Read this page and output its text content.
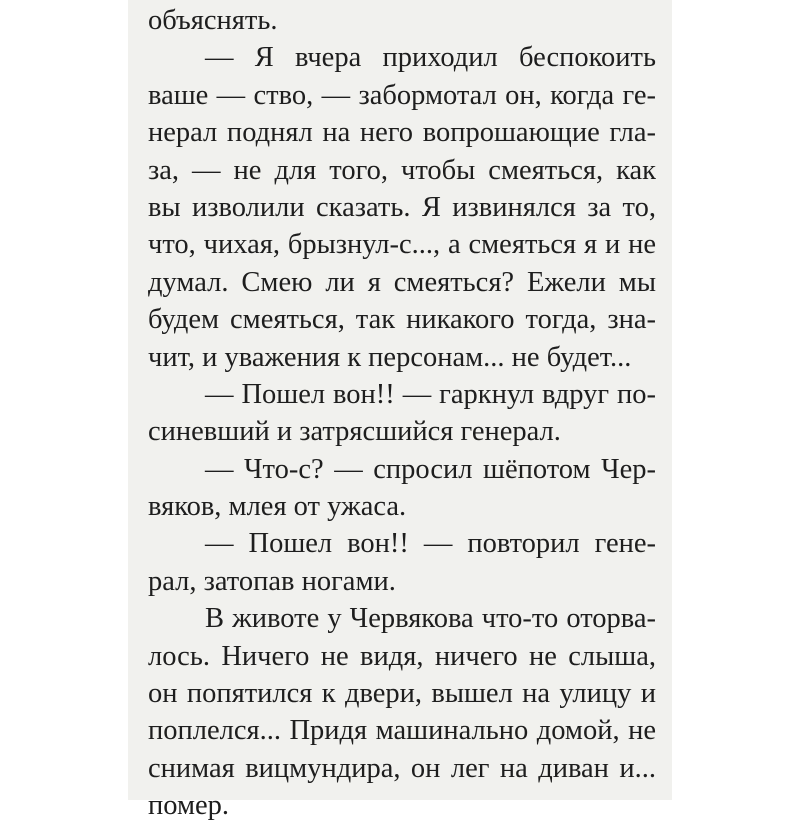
объяснять.
— Я вчера приходил беспокоить
ваше — ство, — забормотал он, когда ге-
нерал поднял на него вопрошающие гла-
за, — не для того, чтобы смеяться, как
вы изволили сказать. Я извинялся за то,
что, чихая, брызнул-с..., а смеяться я и не
думал. Смею ли я смеяться? Ежели мы
будем смеяться, так никакого тогда, зна-
чит, и уважения к персонам... не будет...
— Пошел вон!! — гаркнул вдруг по-
синевший и затрясшийся генерал.
— Что-с? — спросил шёпотом Чер-
вяков, млея от ужаса.
— Пошел вон!! — повторил гене-
рал, затопав ногами.
В животе у Червякова что-то оторва-
лось. Ничего не видя, ничего не слыша,
он попятился к двери, вышел на улицу и
поплелся... Придя машинально домой, не
снимая вицмундира, он лег на диван и...
помер.
